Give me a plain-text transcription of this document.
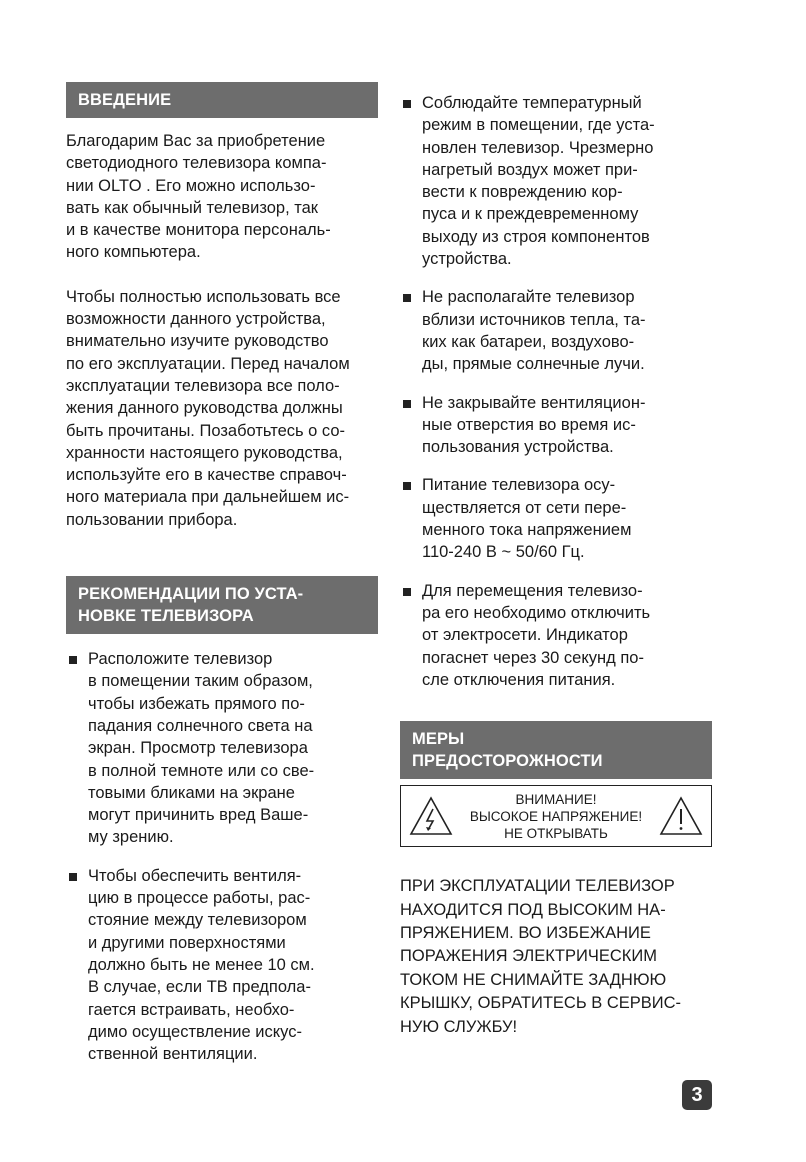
ВВЕДЕНИЕ

Благодарим Вас за приобретение
светодиодного телевизора компа-
нии OLTO . Его можно использо-
вать как обычный телевизор, так
и в качестве монитора персональ-
ного компьютера.

Чтобы полностью использовать все
возможности данного устройства,
внимательно изучите руководство
по его эксплуатации. Перед началом
эксплуатации телевизора все поло-
жения данного руководства должны
быть прочитаны. Позаботьтесь о со-
хранности настоящего руководства,
используйте его в качестве справоч-
ного материала при дальнейшем ис-
пользовании прибора.

РЕКОМЕНДАЦИИ ПО УСТА-
НОВКЕ ТЕЛЕВИЗОРА
Расположите телевизор
в помещении таким образом,
чтобы избежать прямого по-
падания солнечного света на
экран. Просмотр телевизора
в полной темноте или со све-
товыми бликами на экране
могут причинить вред Ваше-
му зрению.
Чтобы обеспечить вентиля-
цию в процессе работы, рас-
стояние между телевизором
и другими поверхностями
должно быть не менее 10 см.
В случае, если ТВ предпола-
гается встраивать, необхо-
димо осуществление искус-
ственной вентиляции.
Соблюдайте температурный
режим в помещении, где уста-
новлен телевизор. Чрезмерно
нагретый воздух может при-
вести к повреждению кор-
пуса и к преждевременному
выходу из строя компонентов
устройства.
Не располагайте телевизор
вблизи источников тепла, та-
ких как батареи, воздухово-
ды, прямые солнечные лучи.
Не закрывайте вентиляцион-
ные отверстия во время ис-
пользования устройства.
Питание телевизора осу-
ществляется от сети пере-
менного тока напряжением
110-240 В ~ 50/60 Гц.
Для перемещения телевизо-
ра его необходимо отключить
от электросети. Индикатор
погаснет через 30 секунд по-
сле отключения питания.
МЕРЫ
ПРЕДОСТОРОЖНОСТИ
ВНИМАНИЕ!
ВЫСОКОЕ НАПРЯЖЕНИЕ!
НЕ ОТКРЫВАТЬ
ПРИ ЭКСПЛУАТАЦИИ ТЕЛЕВИЗОР
НАХОДИТСЯ ПОД ВЫСОКИМ НА-
ПРЯЖЕНИЕМ. ВО ИЗБЕЖАНИЕ
ПОРАЖЕНИЯ ЭЛЕКТРИЧЕСКИМ
ТОКОМ НЕ СНИМАЙТЕ ЗАДНЮЮ
КРЫШКУ, ОБРАТИТЕСЬ В СЕРВИС-
НУЮ СЛУЖБУ!
3
